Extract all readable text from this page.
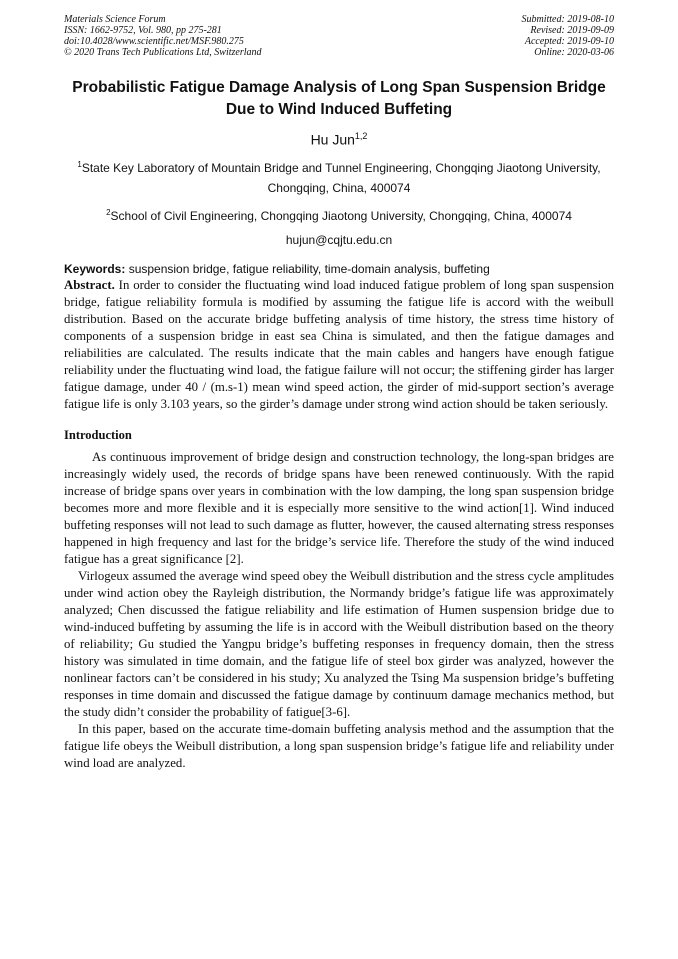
Materials Science Forum
ISSN: 1662-9752, Vol. 980, pp 275-281
doi:10.4028/www.scientific.net/MSF.980.275
© 2020 Trans Tech Publications Ltd, Switzerland
Submitted: 2019-08-10
Revised: 2019-09-09
Accepted: 2019-09-10
Online: 2020-03-06
Probabilistic Fatigue Damage Analysis of Long Span Suspension Bridge Due to Wind Induced Buffeting
Hu Jun$^{1,2}$
$^1$State Key Laboratory of Mountain Bridge and Tunnel Engineering, Chongqing Jiaotong University, Chongqing, China, 400074
$^2$School of Civil Engineering, Chongqing Jiaotong University, Chongqing, China, 400074
hujun@cqjtu.edu.cn
Keywords: suspension bridge, fatigue reliability, time-domain analysis, buffeting

Abstract. In order to consider the fluctuating wind load induced fatigue problem of long span suspension bridge, fatigue reliability formula is modified by assuming the fatigue life is accord with the weibull distribution. Based on the accurate bridge buffeting analysis of time history, the stress time history of components of a suspension bridge in east sea China is simulated, and then the fatigue damages and reliabilities are calculated. The results indicate that the main cables and hangers have enough fatigue reliability under the fluctuating wind load, the fatigue failure will not occur; the stiffening girder has larger fatigue damage, under 40 / (m.s-1) mean wind speed action, the girder of mid-support section’s average fatigue life is only 3.103 years, so the girder’s damage under strong wind action should be taken seriously.

Introduction

As continuous improvement of bridge design and construction technology, the long-span bridges are increasingly widely used, the records of bridge spans have been renewed continuously. With the rapid increase of bridge spans over years in combination with the low damping, the long span suspension bridge becomes more and more flexible and it is especially more sensitive to the wind action[1]. Wind induced buffeting responses will not lead to such damage as flutter, however, the caused alternating stress responses happened in high frequency and last for the bridge’s service life. Therefore the study of the wind induced fatigue has a great significance [2].

Virlogeux assumed the average wind speed obey the Weibull distribution and the stress cycle amplitudes under wind action obey the Rayleigh distribution, the Normandy bridge’s fatigue life was approximately analyzed; Chen discussed the fatigue reliability and life estimation of Humen suspension bridge due to wind-induced buffeting by assuming the life is in accord with the Weibull distribution based on the theory of reliability; Gu studied the Yangpu bridge’s buffeting responses in frequency domain, then the stress history was simulated in time domain, and the fatigue life of steel box girder was analyzed, however the nonlinear factors can’t be considered in his study; Xu analyzed the Tsing Ma suspension bridge’s buffeting responses in time domain and discussed the fatigue damage by continuum damage mechanics method, but the study didn’t consider the probability of fatigue[3-6].

In this paper, based on the accurate time-domain buffeting analysis method and the assumption that the fatigue life obeys the Weibull distribution, a long span suspension bridge’s fatigue life and reliability under wind load are analyzed.
